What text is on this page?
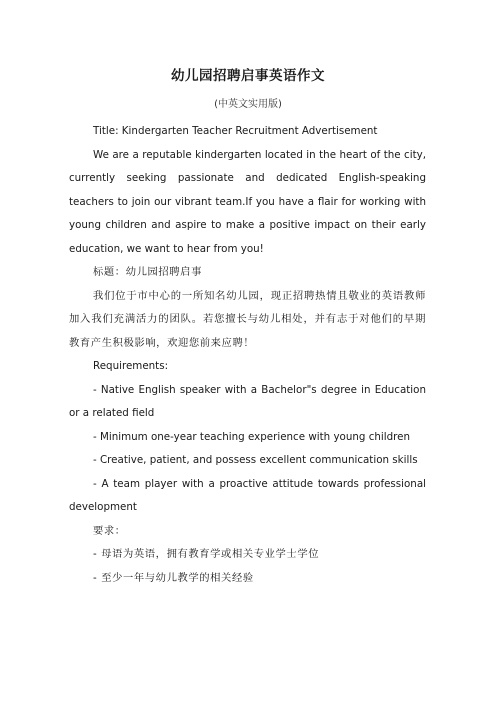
幼儿园招聘启事英语作文
(中英文实用版)

Title: Kindergarten Teacher Recruitment Advertisement

We are a reputable kindergarten located in the heart of the city, currently seeking passionate and dedicated English-speaking teachers to join our vibrant team.If you have a flair for working with young children and aspire to make a positive impact on their early education, we want to hear from you!

标题：幼儿园招聘启事

我们位于市中心的一所知名幼儿园，现正招聘热情且敬业的英语教师加入我们充满活力的团队。若您擅长与幼儿相处，并有志于对他们的早期教育产生积极影响，欢迎您前来应聘！

Requirements:

- Native English speaker with a Bachelor"s degree in Education or a related field

- Minimum one-year teaching experience with young children

- Creative, patient, and possess excellent communication skills

- A team player with a proactive attitude towards professional development

要求：

- 母语为英语，拥有教育学或相关专业学士学位

- 至少一年与幼儿教学的相关经验
